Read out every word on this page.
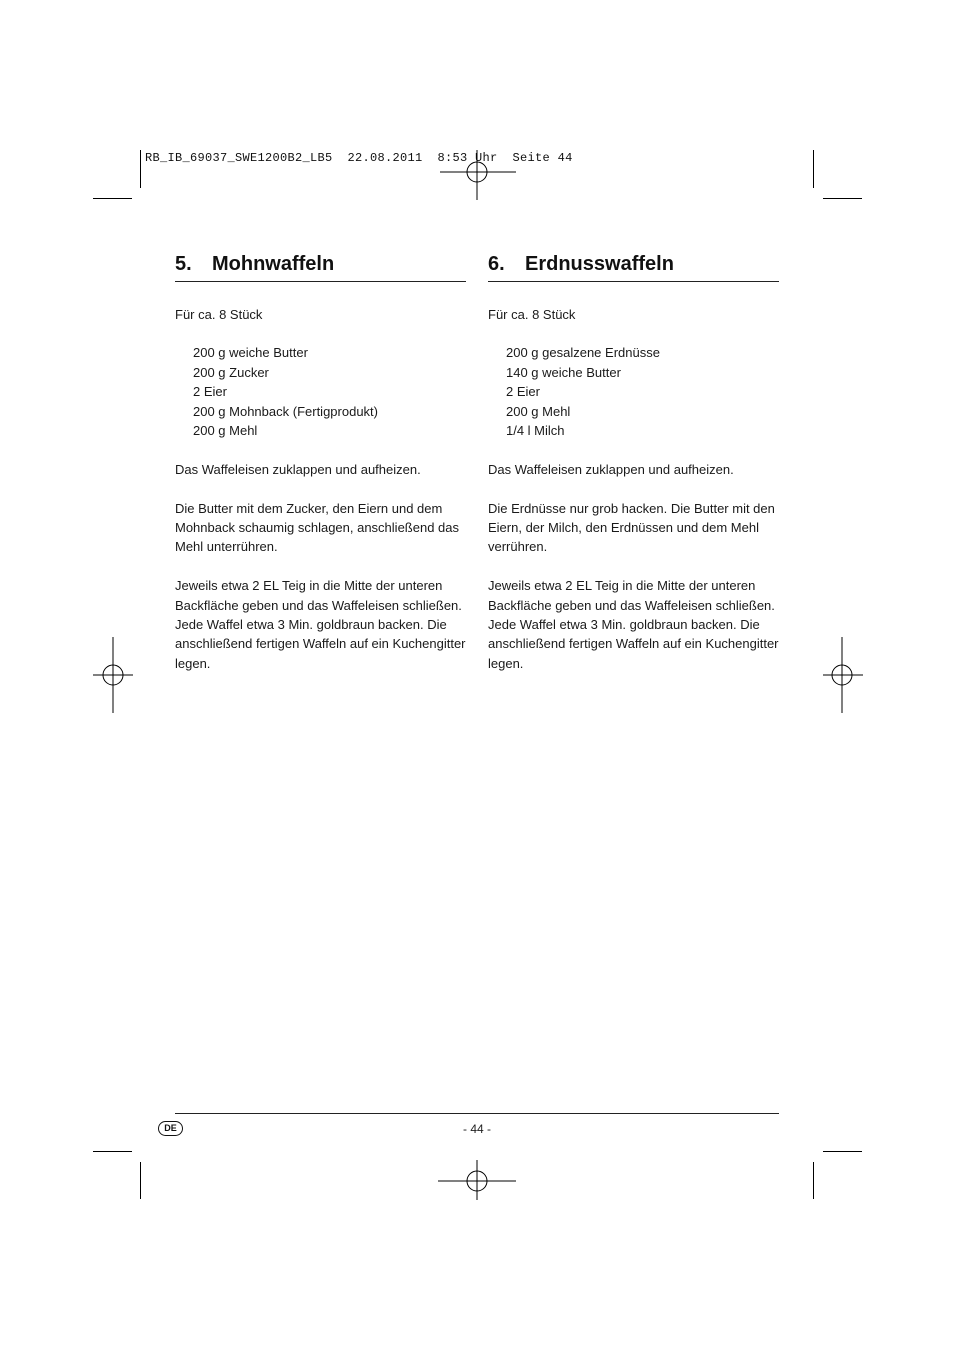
RB_IB_69037_SWE1200B2_LB5  22.08.2011  8:53 Uhr  Seite 44
5.	Mohnwaffeln

Für ca. 8 Stück

200 g weiche Butter
200 g Zucker
2 Eier
200 g Mohnback (Fertigprodukt)
200 g Mehl

Das Waffeleisen zuklappen und aufheizen.

Die Butter mit dem Zucker, den Eiern und dem Mohnback schaumig schlagen, anschließend das Mehl unterrühren.

Jeweils etwa 2 EL Teig in die Mitte der unteren Backfläche geben und das Waffeleisen schließen. Jede Waffel etwa 3 Min. goldbraun backen. Die anschließend fertigen Waffeln auf ein Kuchengitter legen.

6.	Erdnusswaffeln

Für ca. 8 Stück

200 g gesalzene Erdnüsse
140 g weiche Butter
2 Eier
200 g Mehl
1/4 l Milch

Das Waffeleisen zuklappen und aufheizen.

Die Erdnüsse nur grob hacken. Die Butter mit den Eiern, der Milch, den Erdnüssen und dem Mehl verrühren.

Jeweils etwa 2 EL Teig in die Mitte der unteren Backfläche geben und das Waffeleisen schließen. Jede Waffel etwa 3 Min. goldbraun backen. Die anschließend fertigen Waffeln auf ein Kuchengitter legen.

DE	- 44 -
